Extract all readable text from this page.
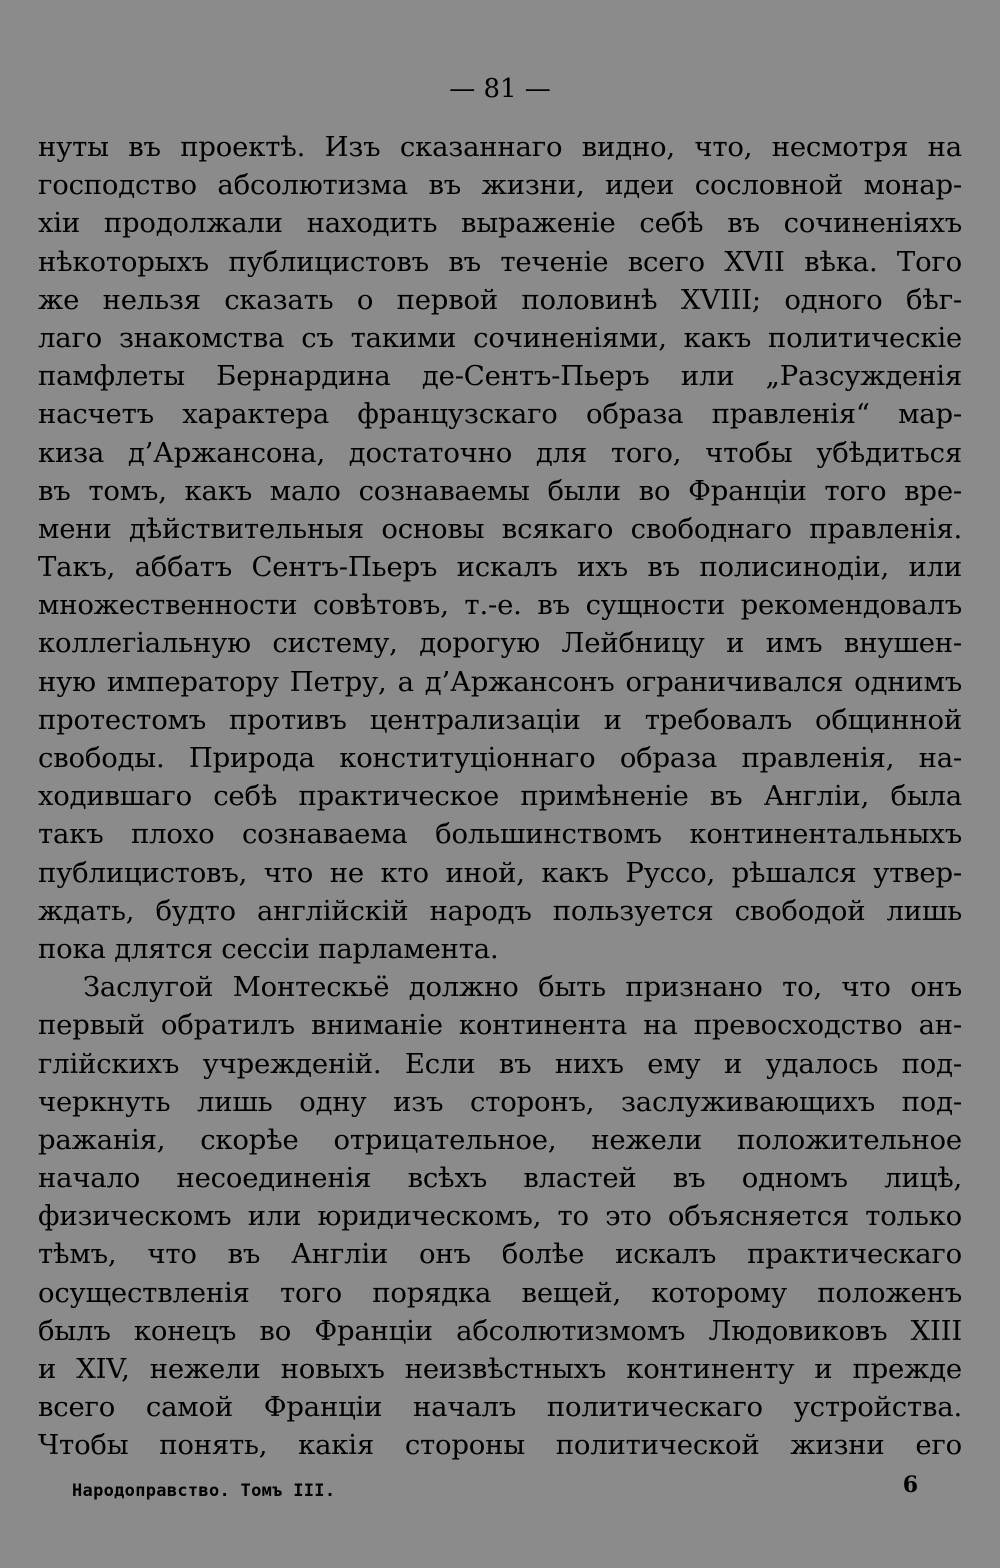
— 81 —
нуты въ проектѣ. Изъ сказаннаго видно, что, несмотря на
господство абсолютизма въ жизни, идеи сословной монар-
хіи продолжали находить выраженіе себѣ въ сочиненіяхъ
нѣкоторыхъ публицистовъ въ теченіе всего XVII вѣка. Того
же нельзя сказать о первой половинѣ XVIII; одного бѣг-
лаго знакомства съ такими сочиненіями, какъ политическіе
памфлеты Бернардина де-Сентъ-Пьеръ или „Разсужденія
насчетъ характера французскаго образа правленія“ мар-
киза д’Аржансона, достаточно для того, чтобы убѣдиться
въ томъ, какъ мало сознаваемы были во Франціи того вре-
мени дѣйствительныя основы всякаго свободнаго правленія.
Такъ, аббатъ Сентъ-Пьеръ искалъ ихъ въ полисинодіи, или
множественности совѣтовъ, т.-е. въ сущности рекомендовалъ
коллегіальную систему, дорогую Лейбницу и имъ внушен-
ную императору Петру, а д’Аржансонъ ограничивался однимъ
протестомъ противъ централизаціи и требовалъ общинной
свободы. Природа конституціоннаго образа правленія, на-
ходившаго себѣ практическое примѣненіе въ Англіи, была
такъ плохо сознаваема большинствомъ континентальныхъ
публицистовъ, что не кто иной, какъ Руссо, рѣшался утвер-
ждать, будто англійскій народъ пользуется свободой лишь
пока длятся сессіи парламента.
Заслугой Монтескьё должно быть признано то, что онъ
первый обратилъ вниманіе континента на превосходство ан-
глійскихъ учрежденій. Если въ нихъ ему и удалось под-
черкнуть лишь одну изъ сторонъ, заслуживающихъ под-
ражанія, скорѣе отрицательное, нежели положительное
начало несоединенія всѣхъ властей въ одномъ лицѣ,
физическомъ или юридическомъ, то это объясняется только
тѣмъ, что въ Англіи онъ болѣе искалъ практическаго
осуществленія того порядка вещей, которому положенъ
былъ конецъ во Франціи абсолютизмомъ Людовиковъ XIII
и XIV, нежели новыхъ неизвѣстныхъ континенту и прежде
всего самой Франціи началъ политическаго устройства.
Чтобы понять, какія стороны политической жизни его
Народоправство. Томъ III.	6
